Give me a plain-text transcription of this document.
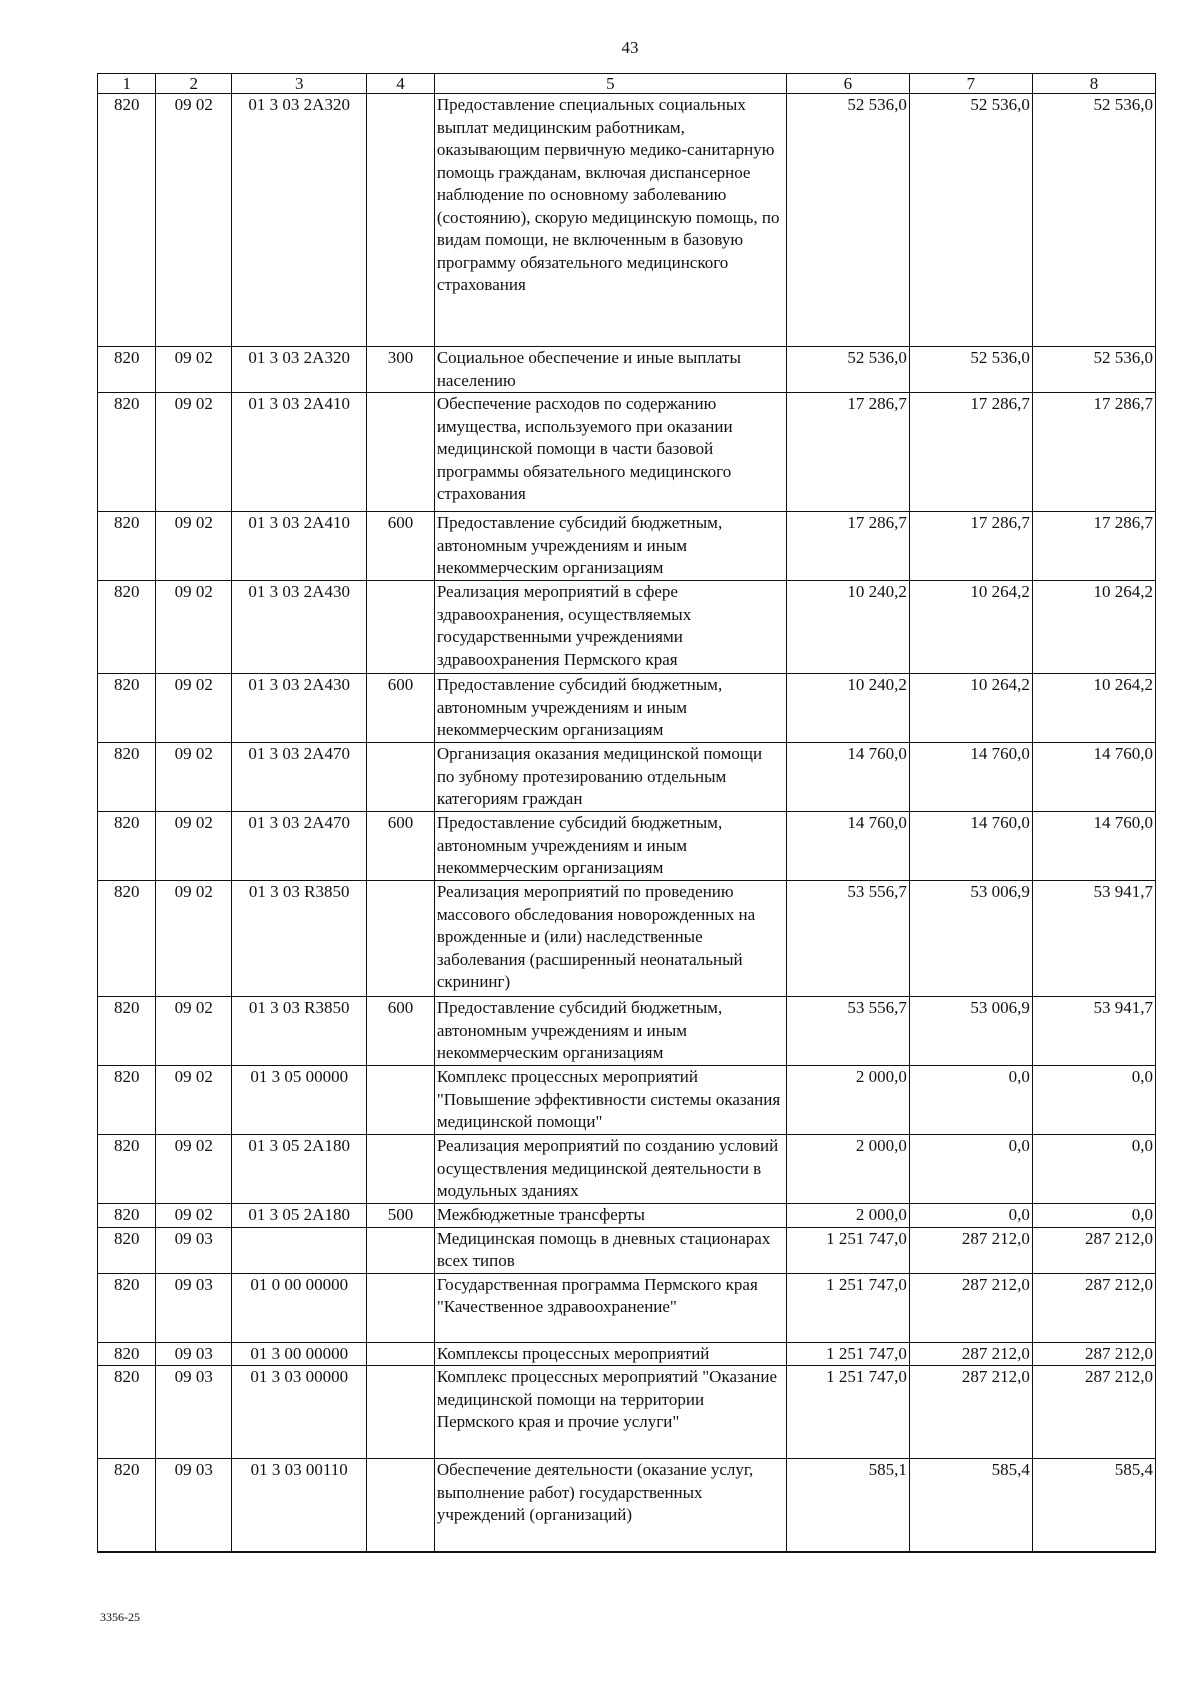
43
1	2	3	4	5	6	7	8
820	09 02	01 3 03 2А320		Предоставление специальных социальных выплат медицинским работникам, оказывающим первичную медико-санитарную помощь гражданам, включая диспансерное наблюдение по основному заболеванию (состоянию), скорую медицинскую помощь, по видам помощи, не включенным в базовую программу обязательного медицинского страхования	52 536,0	52 536,0	52 536,0
820	09 02	01 3 03 2А320	300	Социальное обеспечение и иные выплаты населению	52 536,0	52 536,0	52 536,0
820	09 02	01 3 03 2А410		Обеспечение расходов по содержанию имущества, используемого при оказании медицинской помощи в части базовой программы обязательного медицинского страхования	17 286,7	17 286,7	17 286,7
820	09 02	01 3 03 2А410	600	Предоставление субсидий бюджетным, автономным учреждениям и иным некоммерческим организациям	17 286,7	17 286,7	17 286,7
820	09 02	01 3 03 2А430		Реализация мероприятий в сфере здравоохранения, осуществляемых государственными учреждениями здравоохранения Пермского края	10 240,2	10 264,2	10 264,2
820	09 02	01 3 03 2А430	600	Предоставление субсидий бюджетным, автономным учреждениям и иным некоммерческим организациям	10 240,2	10 264,2	10 264,2
820	09 02	01 3 03 2А470		Организация оказания медицинской помощи по зубному протезированию отдельным категориям граждан	14 760,0	14 760,0	14 760,0
820	09 02	01 3 03 2А470	600	Предоставление субсидий бюджетным, автономным учреждениям и иным некоммерческим организациям	14 760,0	14 760,0	14 760,0
820	09 02	01 3 03 R3850		Реализация мероприятий по проведению массового обследования новорожденных на врожденные и (или) наследственные заболевания (расширенный неонатальный скрининг)	53 556,7	53 006,9	53 941,7
820	09 02	01 3 03 R3850	600	Предоставление субсидий бюджетным, автономным учреждениям и иным некоммерческим организациям	53 556,7	53 006,9	53 941,7
820	09 02	01 3 05 00000		Комплекс процессных мероприятий "Повышение эффективности системы оказания медицинской помощи"	2 000,0	0,0	0,0
820	09 02	01 3 05 2А180		Реализация мероприятий по созданию условий осуществления медицинской деятельности в модульных зданиях	2 000,0	0,0	0,0
820	09 02	01 3 05 2А180	500	Межбюджетные трансферты	2 000,0	0,0	0,0
820	09 03			Медицинская помощь в дневных стационарах всех типов	1 251 747,0	287 212,0	287 212,0
820	09 03	01 0 00 00000		Государственная программа Пермского края "Качественное здравоохранение"	1 251 747,0	287 212,0	287 212,0
820	09 03	01 3 00 00000		Комплексы процессных мероприятий	1 251 747,0	287 212,0	287 212,0
820	09 03	01 3 03 00000		Комплекс процессных мероприятий "Оказание медицинской помощи на территории Пермского края и прочие услуги"	1 251 747,0	287 212,0	287 212,0
820	09 03	01 3 03 00110		Обеспечение деятельности (оказание услуг, выполнение работ) государственных учреждений (организаций)	585,1	585,4	585,4
3356-25
